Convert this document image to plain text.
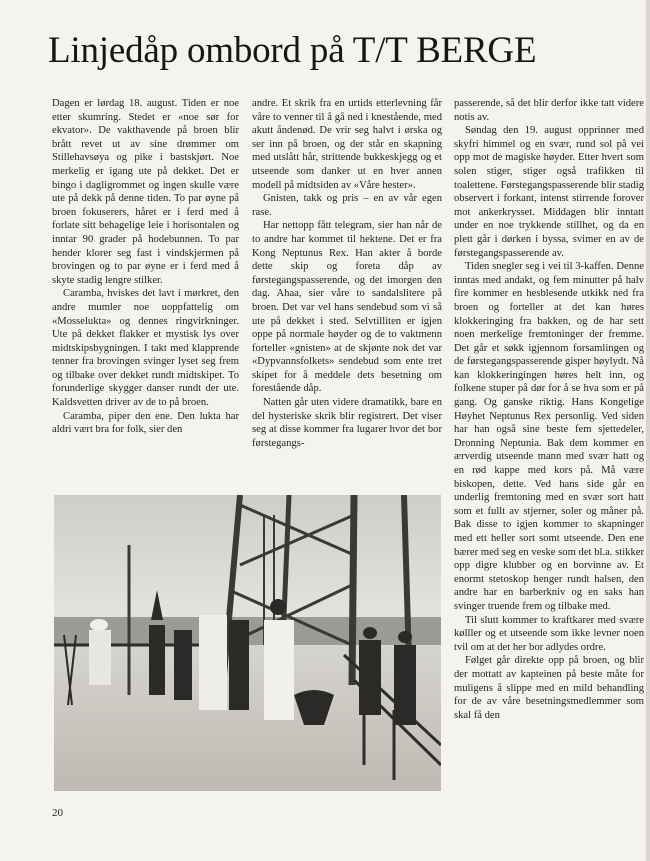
Linjedåp ombord på T/T BERGE

Dagen er lørdag 18. august. Tiden er noe etter skumring. Stedet er «noe sør for ekvator». De vakthavende på broen blir brått revet ut av sine drømmer om Stillehavsøya og pike i bastskjørt. Noe merkelig er igang ute på dekket. Det er bingo i dagligrommet og ingen skulle være ute på dekk på denne tiden. To par øyne på broen fokuserers, håret er i ferd med å forlate sitt behagelige leie i horisontalen og inntar 90 grader på hodebunnen. To par hender klorer seg fast i vindskjermen på brovingen og to par øyne er i ferd med å skyte stadig lengre stilker.

Caramba, hviskes det lavt i mørkret, den andre mumler noe uoppfattelig om «Mosselukta» og dennes ringvirkninger. Ute på dekket flakker et mystisk lys over midtskipsbygningen. I takt med klapprende tenner fra brovingen svinger lyset seg frem og tilbake over dekket rundt midtskipet. To forunderlige skygger danser rundt der ute. Kaldsvetten driver av de to på broen.

Caramba, piper den ene. Den lukta har aldri vært bra for folk, sier den

andre. Et skrik fra en urtids etterlevning får våre to venner til å gå ned i knestående, med akutt åndenød. De vrir seg halvt i ørska og ser inn på broen, og der står en skapning med utslått hår, strittende bukkeskjegg og et utseende som danker ut en hver annen modell på midtsiden av «Våre hester».

Gnisten, takk og pris – en av vår egen rase.

Har nettopp fått telegram, sier han når de to andre har kommet til hektene. Det er fra Kong Neptunus Rex. Han akter å borde dette skip og foreta dåp av førstegangspasserende, og det imorgen den dag. Ahaa, sier våre to sandalslitere på broen. Det var vel hans sendebud som vi så ute på dekket i sted. Selvtilliten er igjen oppe på normale høyder og de to vaktmenn forteller «gnisten» at de skjønte nok det var «Dypvannsfolkets» sendebud som ente tret skipet for å meddele dets besetning om forestående dåp.

Natten går uten videre dramatikk, bare en del hysteriske skrik blir registrert. Det viser seg at disse kommer fra lugarer hvor det bor førstegangs-

passerende, så det blir derfor ikke tatt videre notis av.

Søndag den 19. august opprinner med skyfri himmel og en svær, rund sol på vei opp mot de magiske høyder. Etter hvert som solen stiger, stiger også trafikken til toalettene. Førstegangspasserende blir stadig observert i forkant, intenst stirrende forover mot ankerkrysset. Middagen blir inntatt under en noe trykkende stillhet, og da en plett går i dørken i byssa, svimer en av de førstegangspasserende av.

Tiden snegler seg i vei til 3-kaffen. Denne inntas med andakt, og fem minutter på halv fire kommer en hesblesende utkikk ned fra broen og forteller at det kan høres klokkeringing fra bakken, og de har sett noen merkelige fremtoninger der fremme. Det går et søkk igjennom forsamlingen og de førstegangspasserende gisper høylydt. Nå kan klokkeringingen høres helt inn, og folkene stuper på dør for å se hva som er på gang. Og ganske riktig. Hans Kongelige Høyhet Neptunus Rex personlig. Ved siden har han også sine beste fem sjettedeler, Dronning Neptunia. Bak dem kommer en ærverdig utseende mann med svær hatt og en rød kappe med kors på. Må være biskopen, dette. Ved hans side går en underlig fremtoning med en svær sort hatt som et fullt av stjerner, soler og måner på. Bak disse to igjen kommer to skapninger med ett heller sort somt utseende. Den ene bærer med seg en veske som det bl.a. stikker opp digre klubber og en borvinne av. Et enormt stetoskop henger rundt halsen, den andre har en barberkniv og en saks han svinger truende frem og tilbake med.

Til slutt kommer to kraftkarer med svære kølller og et utseende som ikke levner noen tvil om at det her bor adlydes ordre.

Følget går direkte opp på broen, og blir der mottatt av kapteinen på beste måte for muligens å slippe med en mild behandling for de av våre besetningsmedlemmer som skal få den

20
